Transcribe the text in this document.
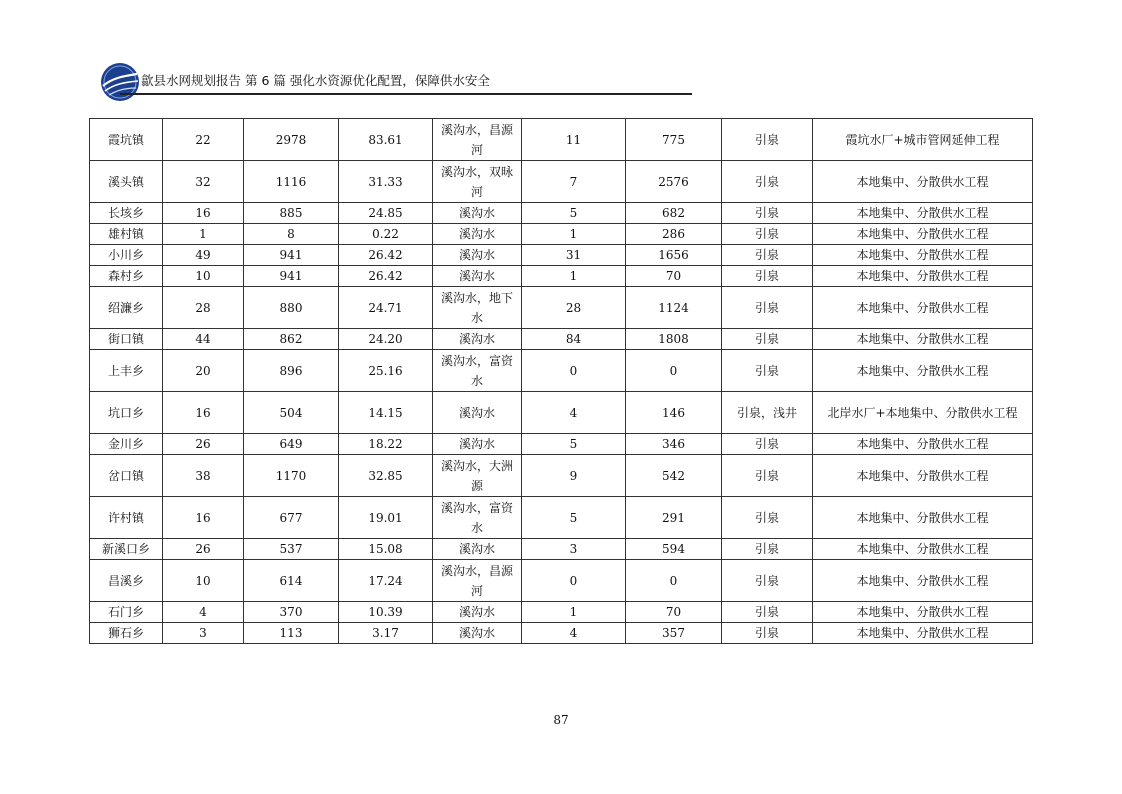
歙县水网规划报告 第 6 篇 强化水资源优化配置，保障供水安全
霞坑镇	22	2978	83.61	溪沟水，昌源河	11	775	引泉	霞坑水厂+城市管网延伸工程
溪头镇	32	1116	31.33	溪沟水，双昹河	7	2576	引泉	本地集中、分散供水工程
长垓乡	16	885	24.85	溪沟水	5	682	引泉	本地集中、分散供水工程
雄村镇	1	8	0.22	溪沟水	1	286	引泉	本地集中、分散供水工程
小川乡	49	941	26.42	溪沟水	31	1656	引泉	本地集中、分散供水工程
森村乡	10	941	26.42	溪沟水	1	70	引泉	本地集中、分散供水工程
绍濂乡	28	880	24.71	溪沟水，地下水	28	1124	引泉	本地集中、分散供水工程
街口镇	44	862	24.20	溪沟水	84	1808	引泉	本地集中、分散供水工程
上丰乡	20	896	25.16	溪沟水，富资水	0	0	引泉	本地集中、分散供水工程
坑口乡	16	504	14.15	溪沟水	4	146	引泉，浅井	北岸水厂+本地集中、分散供水工程
金川乡	26	649	18.22	溪沟水	5	346	引泉	本地集中、分散供水工程
岔口镇	38	1170	32.85	溪沟水，大洲源	9	542	引泉	本地集中、分散供水工程
许村镇	16	677	19.01	溪沟水，富资水	5	291	引泉	本地集中、分散供水工程
新溪口乡	26	537	15.08	溪沟水	3	594	引泉	本地集中、分散供水工程
昌溪乡	10	614	17.24	溪沟水，昌源河	0	0	引泉	本地集中、分散供水工程
石门乡	4	370	10.39	溪沟水	1	70	引泉	本地集中、分散供水工程
狮石乡	3	113	3.17	溪沟水	4	357	引泉	本地集中、分散供水工程
87
